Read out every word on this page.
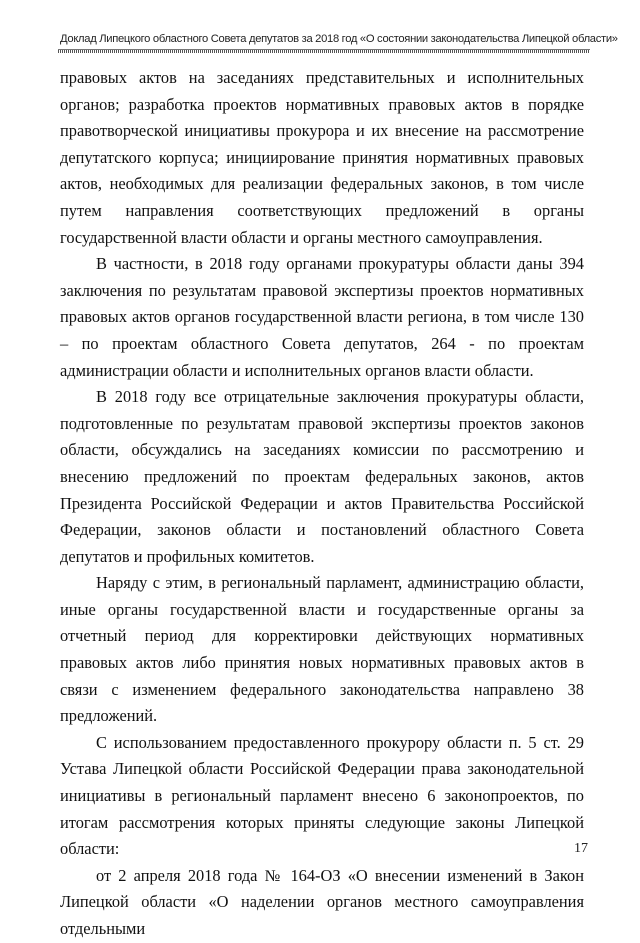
Доклад Липецкого областного Совета депутатов за 2018 год «О состоянии законодательства Липецкой области»

правовых актов на заседаниях представительных и исполнительных органов; разработка проектов нормативных правовых актов в порядке правотворческой инициативы прокурора и их внесение на рассмотрение депутатского корпуса; инициирование принятия нормативных правовых актов, необходимых для реализации федеральных законов, в том числе путем направления соответствующих предложений в органы государственной власти области и органы местного самоуправления.

В частности, в 2018 году органами прокуратуры области даны 394 заключения по результатам правовой экспертизы проектов нормативных правовых актов органов государственной власти региона, в том числе 130 – по проектам областного Совета депутатов, 264 - по проектам администрации области и исполнительных органов власти области.

В 2018 году все отрицательные заключения прокуратуры области, подготовленные по результатам правовой экспертизы проектов законов области, обсуждались на заседаниях комиссии по рассмотрению и внесению предложений по проектам федеральных законов, актов Президента Российской Федерации и актов Правительства Российской Федерации, законов области и постановлений областного Совета депутатов и профильных комитетов.

Наряду с этим, в региональный парламент, администрацию области, иные органы государственной власти и государственные органы за отчетный период для корректировки действующих нормативных правовых актов либо принятия новых нормативных правовых актов в связи с изменением федерального законодательства направлено 38 предложений.

С использованием предоставленного прокурору области п. 5 ст. 29 Устава Липецкой области Российской Федерации права законодательной инициативы в региональный парламент внесено 6 законопроектов, по итогам рассмотрения которых приняты следующие законы Липецкой области:

от 2 апреля 2018 года № 164-ОЗ «О внесении изменений в Закон Липецкой области «О наделении органов местного самоуправления отдельными

17
